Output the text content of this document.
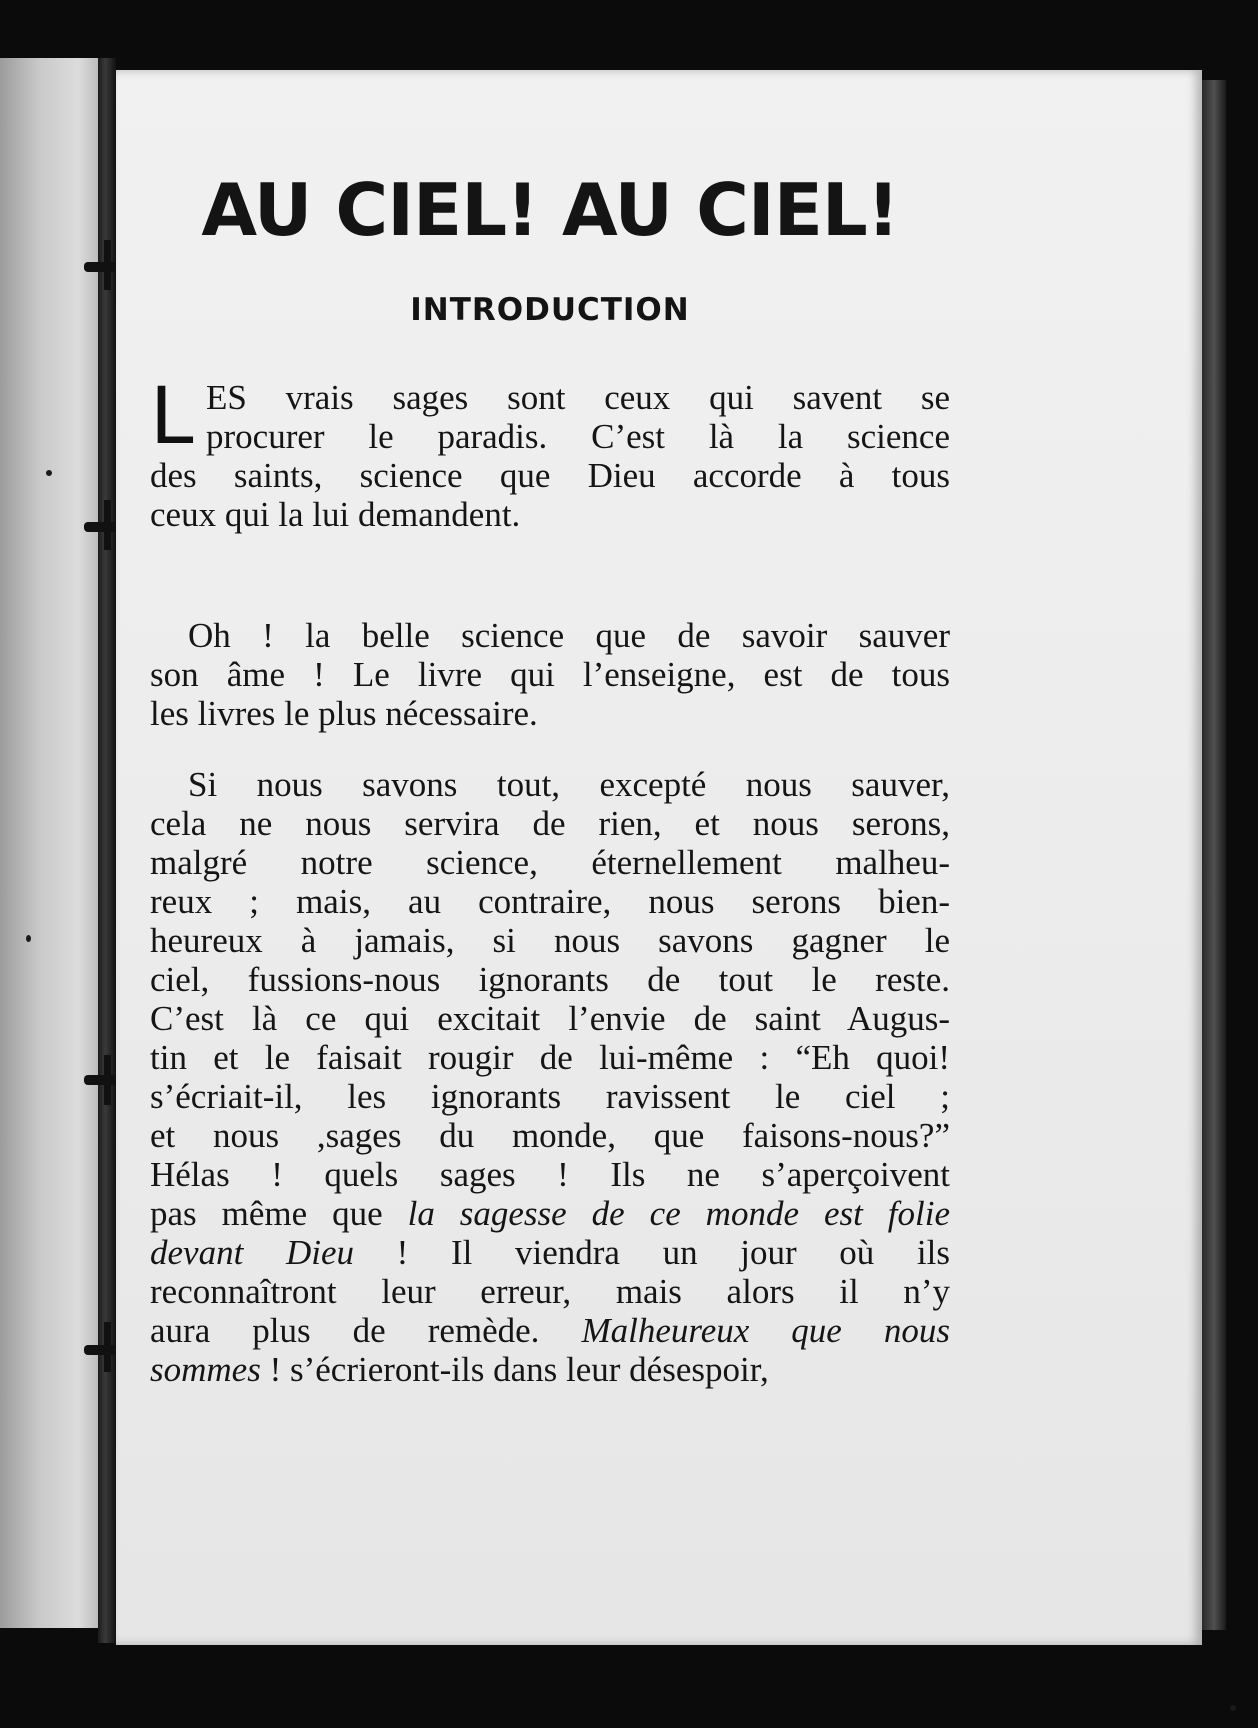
AU CIEL! AU CIEL!
INTRODUCTION
L ES vrais sages sont ceux qui savent se
procurer le paradis. C’est là la science
des saints, science que Dieu accorde à tous
ceux qui la lui demandent.
Oh ! la belle science que de savoir sauver
son âme ! Le livre qui l’enseigne, est de tous
les livres le plus nécessaire.
Si nous savons tout, excepté nous sauver,
cela ne nous servira de rien, et nous serons,
malgré notre science, éternellement malheu-
reux ; mais, au contraire, nous serons bien-
heureux à jamais, si nous savons gagner le
ciel, fussions-nous ignorants de tout le reste.
C’est là ce qui excitait l’envie de saint Augus-
tin et le faisait rougir de lui-même : “Eh quoi!
s’écriait-il, les ignorants ravissent le ciel ;
et nous ,sages du monde, que faisons-nous?”
Hélas ! quels sages ! Ils ne s’aperçoivent
pas même que la sagesse de ce monde est folie
devant Dieu ! Il viendra un jour où ils
reconnaîtront leur erreur, mais alors il n’y
aura plus de remède. Malheureux que nous
sommes ! s’écrieront-ils dans leur désespoir,
